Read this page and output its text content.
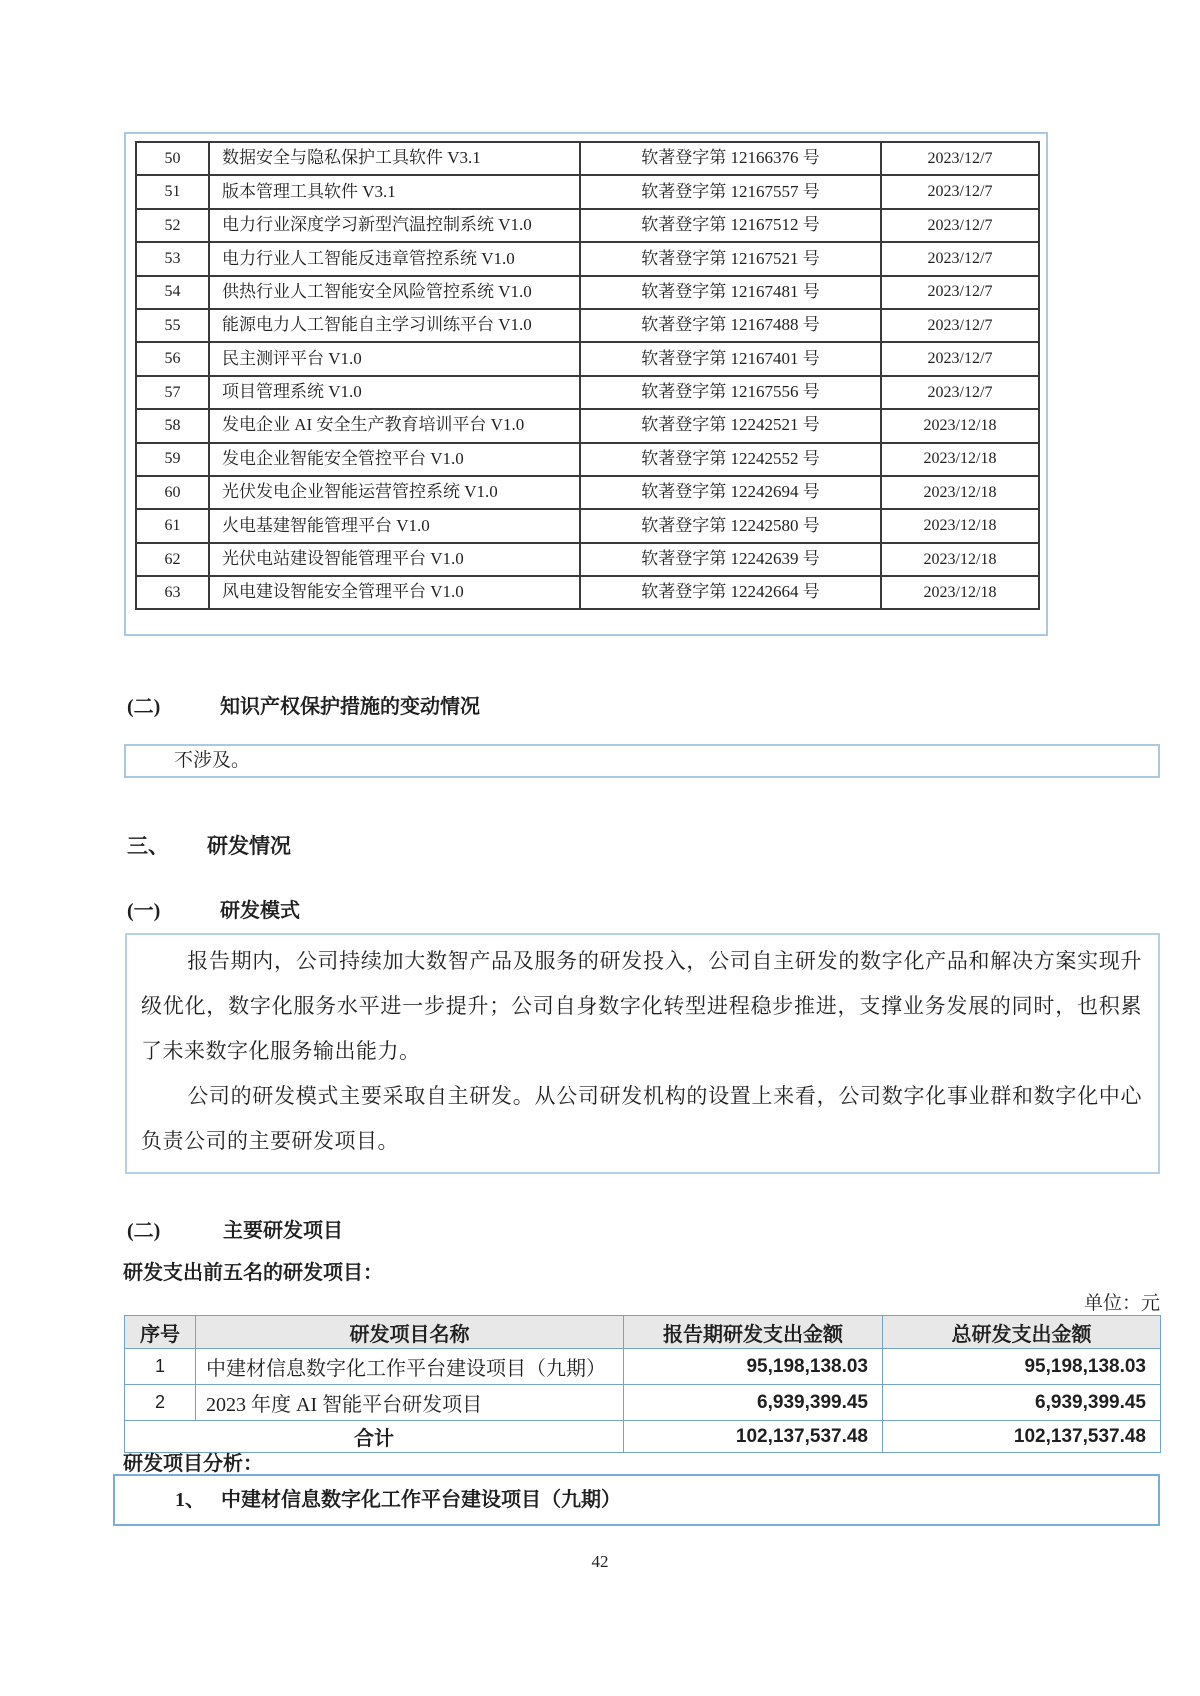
50	数据安全与隐私保护工具软件 V3.1	软著登字第 12166376 号	2023/12/7
51	版本管理工具软件 V3.1	软著登字第 12167557 号	2023/12/7
52	电力行业深度学习新型汽温控制系统 V1.0	软著登字第 12167512 号	2023/12/7
53	电力行业人工智能反违章管控系统 V1.0	软著登字第 12167521 号	2023/12/7
54	供热行业人工智能安全风险管控系统 V1.0	软著登字第 12167481 号	2023/12/7
55	能源电力人工智能自主学习训练平台 V1.0	软著登字第 12167488 号	2023/12/7
56	民主测评平台 V1.0	软著登字第 12167401 号	2023/12/7
57	项目管理系统 V1.0	软著登字第 12167556 号	2023/12/7
58	发电企业 AI 安全生产教育培训平台 V1.0	软著登字第 12242521 号	2023/12/18
59	发电企业智能安全管控平台 V1.0	软著登字第 12242552 号	2023/12/18
60	光伏发电企业智能运营管控系统 V1.0	软著登字第 12242694 号	2023/12/18
61	火电基建智能管理平台 V1.0	软著登字第 12242580 号	2023/12/18
62	光伏电站建设智能管理平台 V1.0	软著登字第 12242639 号	2023/12/18
63	风电建设智能安全管理平台 V1.0	软著登字第 12242664 号	2023/12/18
(二)	知识产权保护措施的变动情况
不涉及。
三、 研发情况
(一)	研发模式

报告期内，公司持续加大数智产品及服务的研发投入，公司自主研发的数字化产品和解决方案实现升级优化，数字化服务水平进一步提升；公司自身数字化转型进程稳步推进，支撑业务发展的同时，也积累了未来数字化服务输出能力。

公司的研发模式主要采取自主研发。从公司研发机构的设置上来看，公司数字化事业群和数字化中心负责公司的主要研发项目。

(二)	主要研发项目
研发支出前五名的研发项目：
单位：元
序号	研发项目名称	报告期研发支出金额	总研发支出金额
1	中建材信息数字化工作平台建设项目（九期）	95,198,138.03	95,198,138.03
2	2023 年度 AI 智能平台研发项目	6,939,399.45	6,939,399.45
合计		102,137,537.48	102,137,537.48
研发项目分析：
1、 中建材信息数字化工作平台建设项目（九期）
42
